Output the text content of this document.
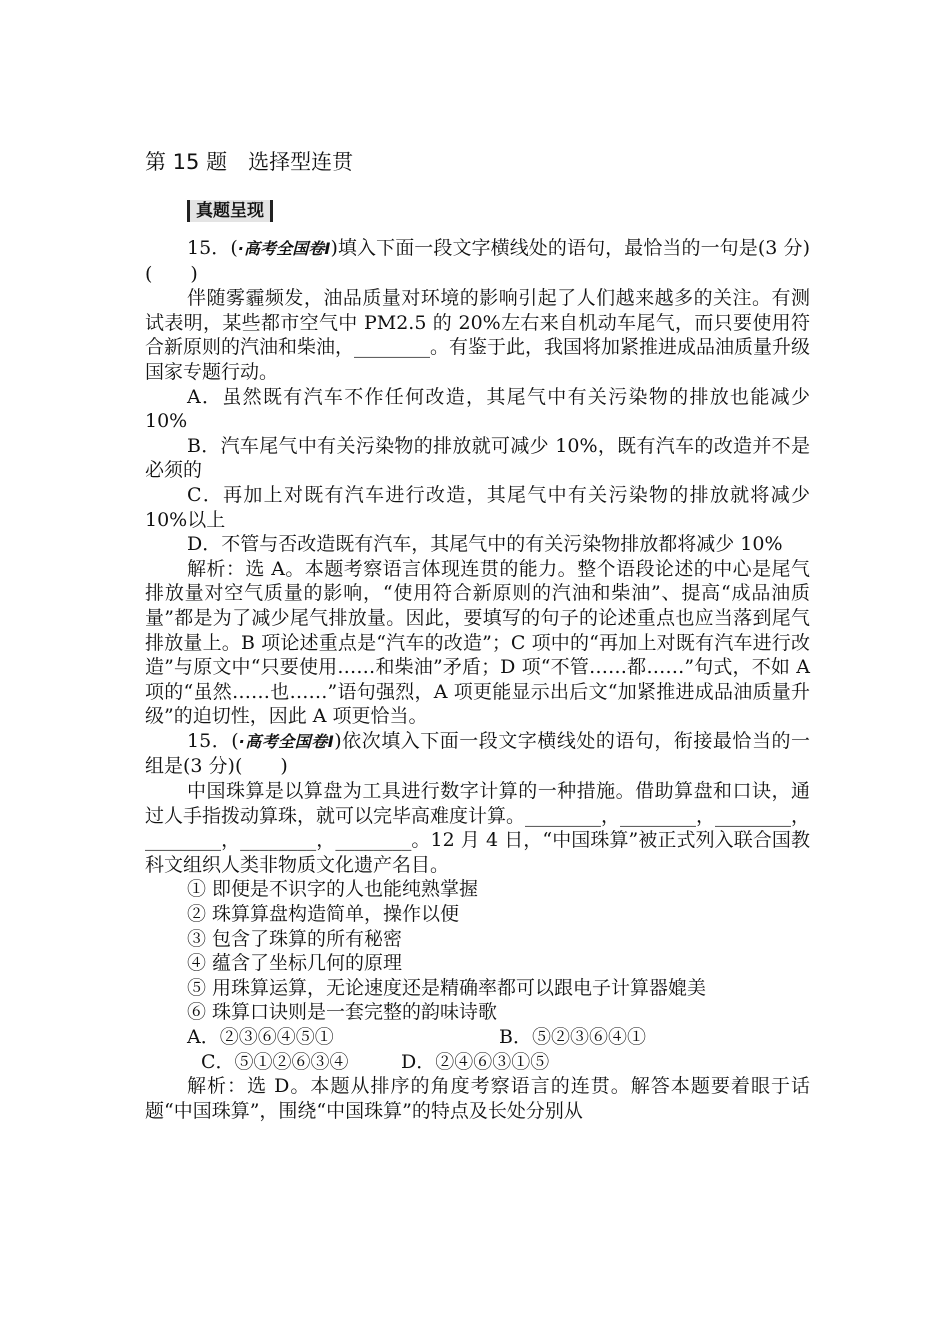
第 15 题　选择型连贯
真题呈现

15．(·高考全国卷Ⅰ)填入下面一段文字横线处的语句，最恰当的一句是(3 分)(　　)

伴随雾霾频发，油品质量对环境的影响引起了人们越来越多的关注。有测试表明，某些都市空气中 PM2.5 的 20%左右来自机动车尾气，而只要使用符合新原则的汽油和柴油，________。有鉴于此，我国将加紧推进成品油质量升级国家专题行动。

A．虽然既有汽车不作任何改造，其尾气中有关污染物的排放也能减少 10%

B．汽车尾气中有关污染物的排放就可减少 10%，既有汽车的改造并不是必须的

C．再加上对既有汽车进行改造，其尾气中有关污染物的排放就将减少 10%以上

D．不管与否改造既有汽车，其尾气中的有关污染物排放都将减少 10%

解析：选 A。本题考察语言体现连贯的能力。整个语段论述的中心是尾气排放量对空气质量的影响，“使用符合新原则的汽油和柴油”、提高“成品油质量”都是为了减少尾气排放量。因此，要填写的句子的论述重点也应当落到尾气排放量上。B 项论述重点是“汽车的改造”；C 项中的“再加上对既有汽车进行改造”与原文中“只要使用……和柴油”矛盾；D 项“不管……都……”句式，不如 A 项的“虽然……也……”语句强烈，A 项更能显示出后文“加紧推进成品油质量升级”的迫切性，因此 A 项更恰当。

15．(·高考全国卷Ⅰ)依次填入下面一段文字横线处的语句，衔接最恰当的一组是(3 分)(　　)

中国珠算是以算盘为工具进行数字计算的一种措施。借助算盘和口诀，通过人手指拨动算珠，就可以完毕高难度计算。________，________，________，________，________，________。12 月 4 日，“中国珠算”被正式列入联合国教科文组织人类非物质文化遗产名目。

① 即便是不识字的人也能纯熟掌握

② 珠算算盘构造简单，操作以便

③ 包含了珠算的所有秘密

④ 蕴含了坐标几何的原理

⑤ 用珠算运算，无论速度还是精确率都可以跟电子计算器媲美

⑥ 珠算口诀则是一套完整的韵味诗歌

A．②③⑥④⑤①	B．⑤②③⑥④①
C．⑤①②⑥③④	D．②④⑥③①⑤

解析：选 D。本题从排序的角度考察语言的连贯。解答本题要着眼于话题“中国珠算”，围绕“中国珠算”的特点及长处分别从
